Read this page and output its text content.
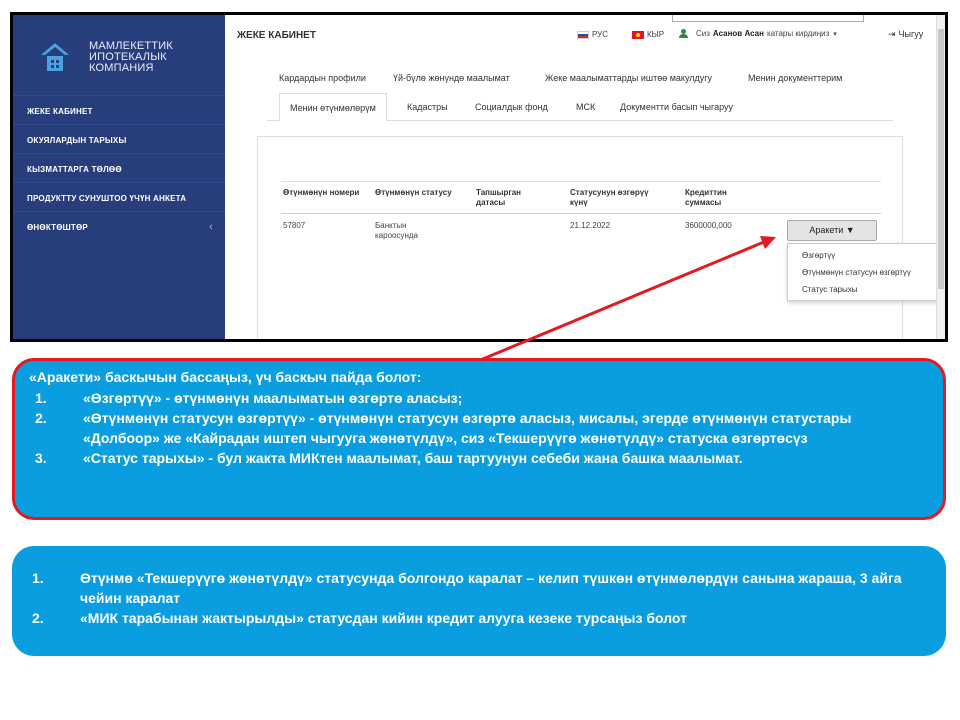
МАМЛЕКЕТТИК ИПОТЕКАЛЫК КОМПАНИЯ
ЖЕКЕ КАБИНЕТ
ОКУЯЛАРДЫН ТАРЫХЫ
КЫЗМАТТАРГА ТӨЛӨӨ
ПРОДУКТТУ СУНУШТОО ҮЧҮН АНКЕТА
ӨНӨКТӨШТӨР	‹
ЖЕКЕ КАБИНЕТ	РУС	КЫР	Сиз Асанов Асан катары кирдиңиз ▾	⇥ Чыгуу
Кардардын профили	Үй-бүлө жөнүндө маалымат	Жеке маалыматтарды иштөө макулдугу	Менин документтерим
Менин өтүнмөлөрүм	Кадастры	Социалдык фонд	МСК	Документти басып чыгаруу
Өтүнмөнүн номери	Өтүнмөнүн статусу	Тапшырган датасы
Статусунун өзгөрүү күнү
Кредиттин суммасы
57807	Банктын кароосунда
21.12.2022	3600000,000	Аракети ▼
Өзгөртүү
Өтүнмөнүн статусун өзгөртүү
Статус тарыхы
«Аракети» баскычын бассаңыз, үч баскыч пайда болот:
1.	«Өзгөртүү» - өтүнмөнүн маалыматын өзгөртө аласыз;
2.	«Өтүнмөнүн статусун өзгөртүү» - өтүнмөнүн статусун өзгөртө аласыз, мисалы, эгерде өтүнмөнүн статустары «Долбоор» же «Кайрадан иштеп чыгууга жөнөтүлдү», сиз «Текшерүүгө жөнөтүлдү» статуска өзгөртөсүз
3.	«Статус тарыхы» - бул жакта МИКтен маалымат, баш тартуунун себеби жана башка маалымат.
1.	Өтүнмө «Текшерүүгө жөнөтүлдү» статусунда болгондо каралат – келип түшкөн өтүнмөлөрдүн санына жараша, 3 айга чейин каралат
2.	«МИК тарабынан жактырылды» статусдан кийин кредит алууга кезеке турсаңыз болот
